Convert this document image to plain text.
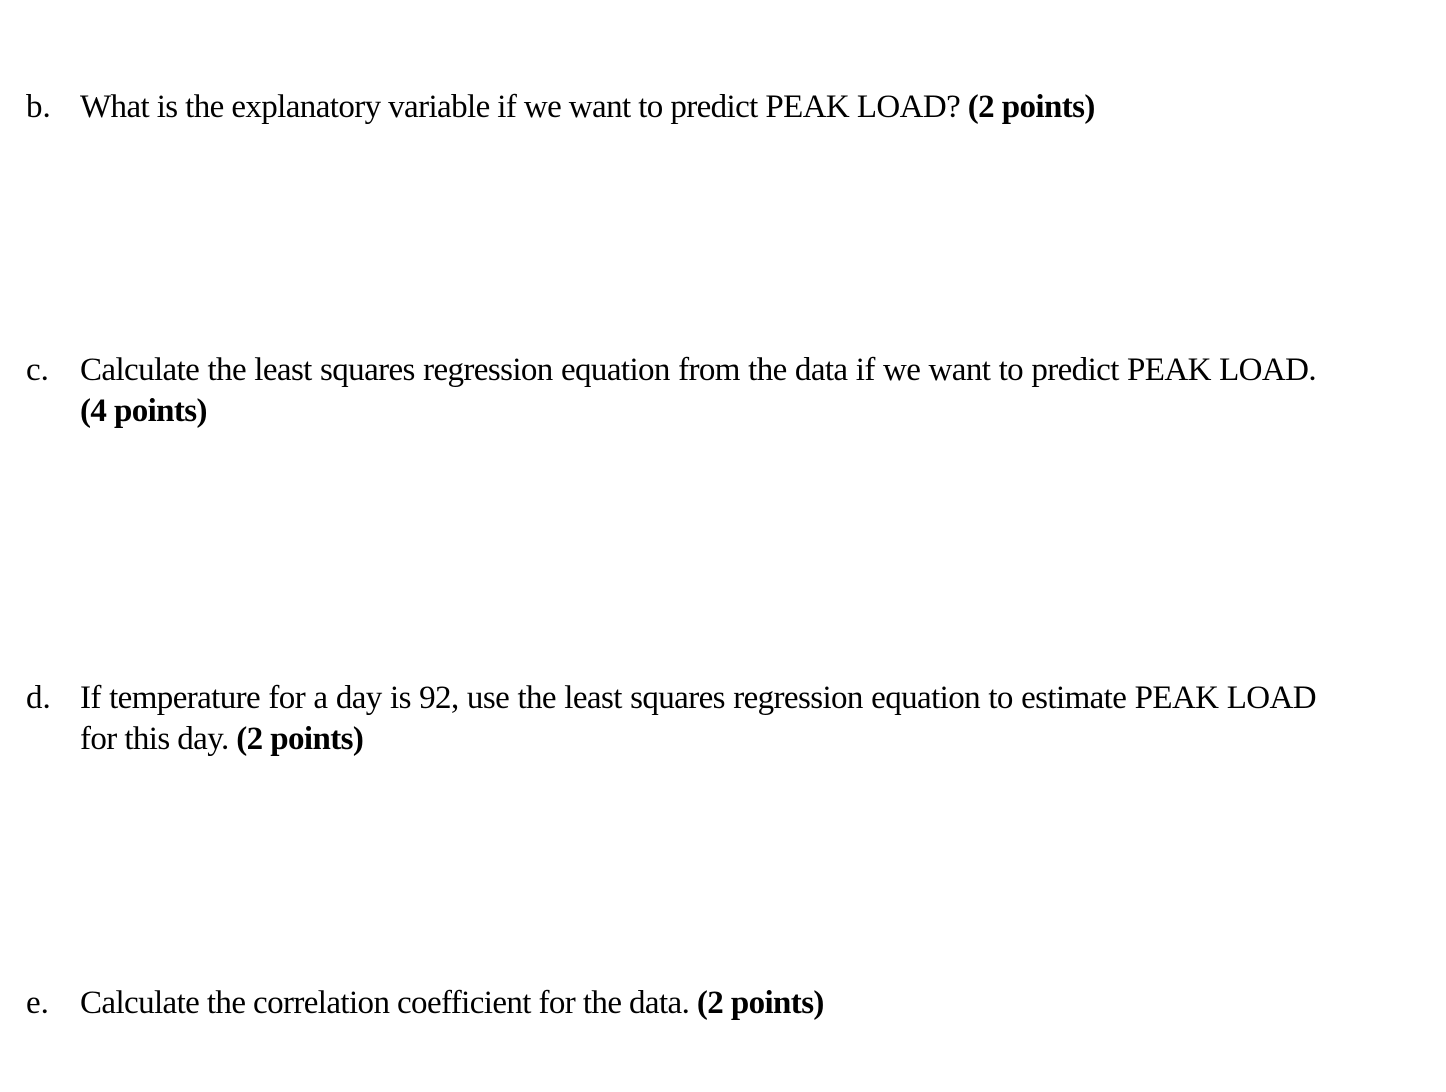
b. What is the explanatory variable if we want to predict PEAK LOAD? (2 points)
c. Calculate the least squares regression equation from the data if we want to predict PEAK LOAD. (4 points)
d. If temperature for a day is 92, use the least squares regression equation to estimate PEAK LOAD for this day. (2 points)
e. Calculate the correlation coefficient for the data. (2 points)
